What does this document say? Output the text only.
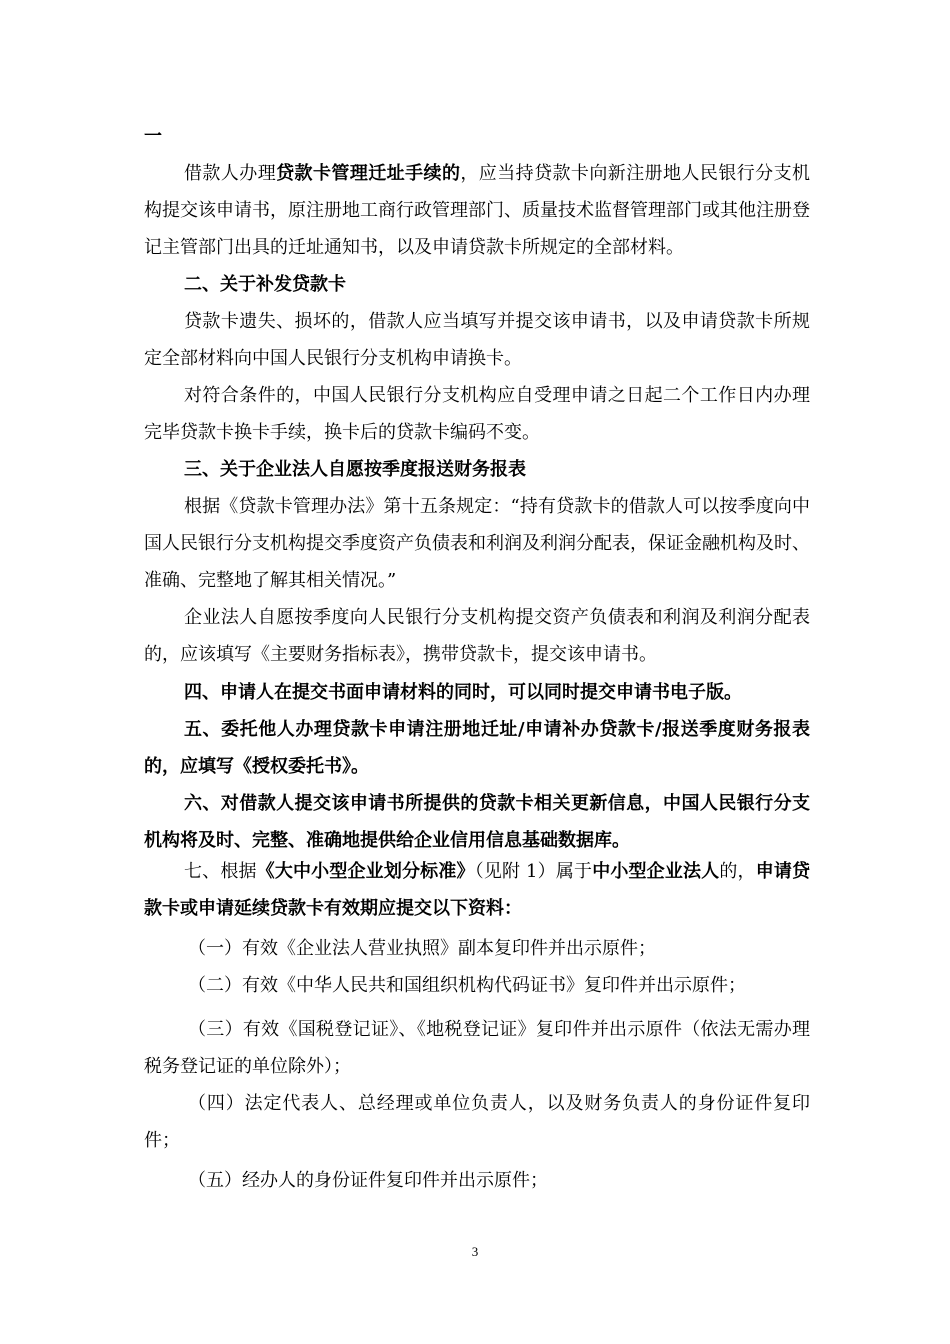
一

借款人办理贷款卡管理迁址手续的，应当持贷款卡向新注册地人民银行分支机构提交该申请书，原注册地工商行政管理部门、质量技术监督管理部门或其他注册登记主管部门出具的迁址通知书，以及申请贷款卡所规定的全部材料。

二、关于补发贷款卡

贷款卡遗失、损坏的，借款人应当填写并提交该申请书，以及申请贷款卡所规定全部材料向中国人民银行分支机构申请换卡。

对符合条件的，中国人民银行分支机构应自受理申请之日起二个工作日内办理完毕贷款卡换卡手续，换卡后的贷款卡编码不变。

三、关于企业法人自愿按季度报送财务报表

根据《贷款卡管理办法》第十五条规定：“持有贷款卡的借款人可以按季度向中国人民银行分支机构提交季度资产负债表和利润及利润分配表，保证金融机构及时、准确、完整地了解其相关情况。”

企业法人自愿按季度向人民银行分支机构提交资产负债表和利润及利润分配表的，应该填写《主要财务指标表》，携带贷款卡，提交该申请书。

四、申请人在提交书面申请材料的同时，可以同时提交申请书电子版。

五、委托他人办理贷款卡申请注册地迁址/申请补办贷款卡/报送季度财务报表的，应填写《授权委托书》。

六、对借款人提交该申请书所提供的贷款卡相关更新信息，中国人民银行分支机构将及时、完整、准确地提供给企业信用信息基础数据库。

七、根据《大中小型企业划分标准》（见附 1）属于中小型企业法人的，申请贷款卡或申请延续贷款卡有效期应提交以下资料：

（一）有效《企业法人营业执照》副本复印件并出示原件；

（二）有效《中华人民共和国组织机构代码证书》复印件并出示原件；

（三）有效《国税登记证》、《地税登记证》复印件并出示原件（依法无需办理税务登记证的单位除外）；

（四）法定代表人、总经理或单位负责人，以及财务负责人的身份证件复印件；

（五）经办人的身份证件复印件并出示原件；

3
